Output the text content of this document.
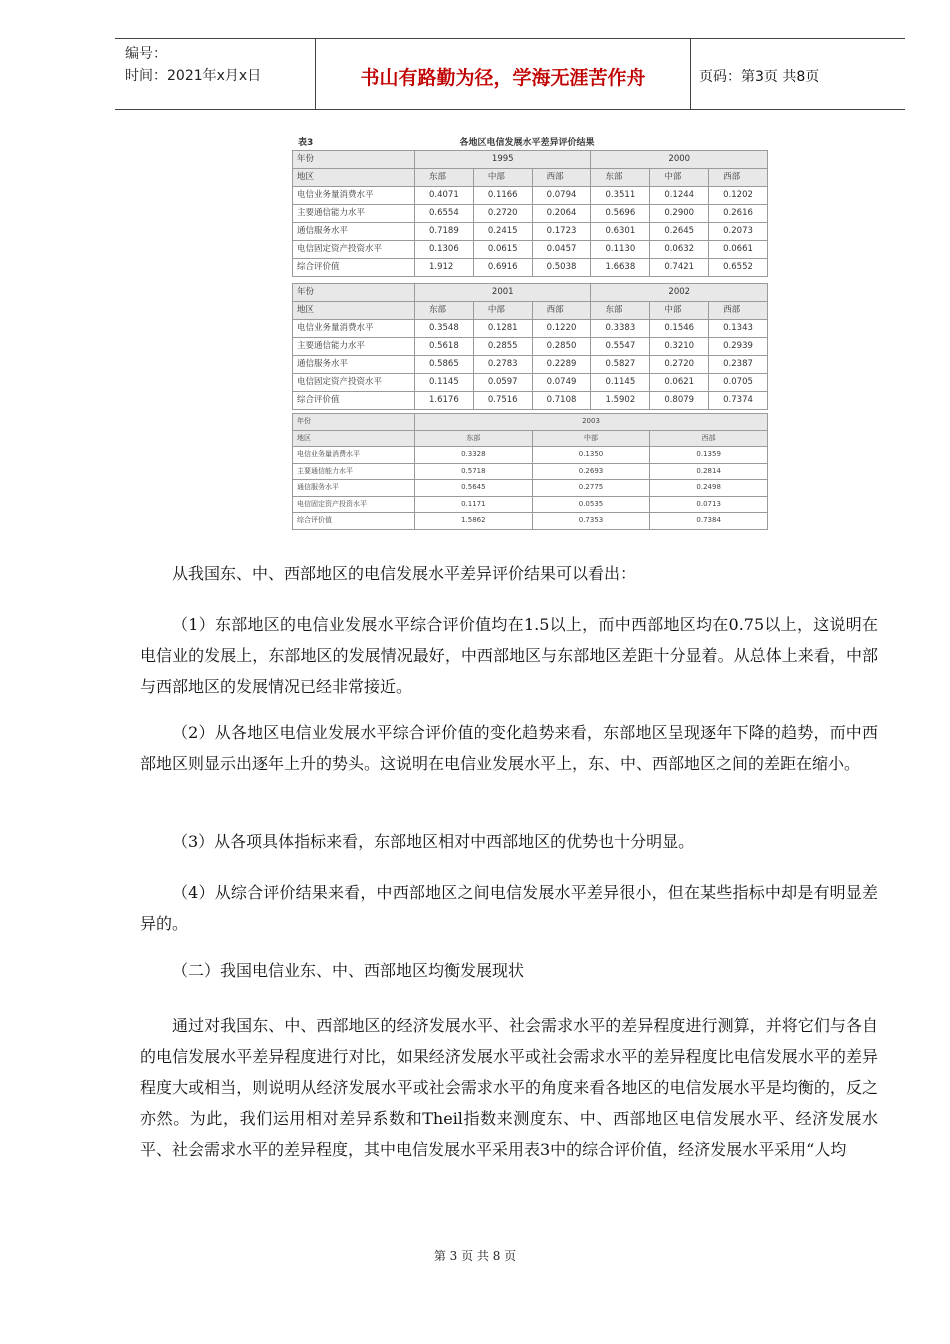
编号：
时间：2021年x月x日	书山有路勤为径，学海无涯苦作舟	页码：第3页 共8页
表3	各地区电信发展水平差异评价结果
年份	1995			2000		
地区	东部	中部	西部	东部	中部	西部
电信业务量消费水平	0.4071	0.1166	0.0794	0.3511	0.1244	0.1202
主要通信能力水平	0.6554	0.2720	0.2064	0.5696	0.2900	0.2616
通信服务水平	0.7189	0.2415	0.1723	0.6301	0.2645	0.2073
电信固定资产投资水平	0.1306	0.0615	0.0457	0.1130	0.0632	0.0661
综合评价值	1.912	0.6916	0.5038	1.6638	0.7421	0.6552
年份	2001			2002		
地区	东部	中部	西部	东部	中部	西部
电信业务量消费水平	0.3548	0.1281	0.1220	0.3383	0.1546	0.1343
主要通信能力水平	0.5618	0.2855	0.2850	0.5547	0.3210	0.2939
通信服务水平	0.5865	0.2783	0.2289	0.5827	0.2720	0.2387
电信固定资产投资水平	0.1145	0.0597	0.0749	0.1145	0.0621	0.0705
综合评价值	1.6176	0.7516	0.7108	1.5902	0.8079	0.7374
年份	2003		
地区	东部	中部	西部
电信业务量消费水平	0.3328	0.1350	0.1359
主要通信能力水平	0.5718	0.2693	0.2814
通信服务水平	0.5645	0.2775	0.2498
电信固定资产投资水平	0.1171	0.0535	0.0713
综合评价值	1.5862	0.7353	0.7384
从我国东、中、西部地区的电信发展水平差异评价结果可以看出：
（1）东部地区的电信业发展水平综合评价值均在1.5以上，而中西部地区均在0.75以上，这说明在电信业的发展上，东部地区的发展情况最好，中西部地区与东部地区差距十分显着。从总体上来看，中部与西部地区的发展情况已经非常接近。
（2）从各地区电信业发展水平综合评价值的变化趋势来看，东部地区呈现逐年下降的趋势，而中西部地区则显示出逐年上升的势头。这说明在电信业发展水平上，东、中、西部地区之间的差距在缩小。
（3）从各项具体指标来看，东部地区相对中西部地区的优势也十分明显。
（4）从综合评价结果来看，中西部地区之间电信发展水平差异很小，但在某些指标中却是有明显差异的。
（二）我国电信业东、中、西部地区均衡发展现状
通过对我国东、中、西部地区的经济发展水平、社会需求水平的差异程度进行测算，并将它们与各自的电信发展水平差异程度进行对比，如果经济发展水平或社会需求水平的差异程度比电信发展水平的差异程度大或相当，则说明从经济发展水平或社会需求水平的角度来看各地区的电信发展水平是均衡的，反之亦然。为此，我们运用相对差异系数和Theil指数来测度东、中、西部地区电信发展水平、经济发展水平、社会需求水平的差异程度，其中电信发展水平采用表3中的综合评价值，经济发展水平采用“人均
第 3 页 共 8 页
